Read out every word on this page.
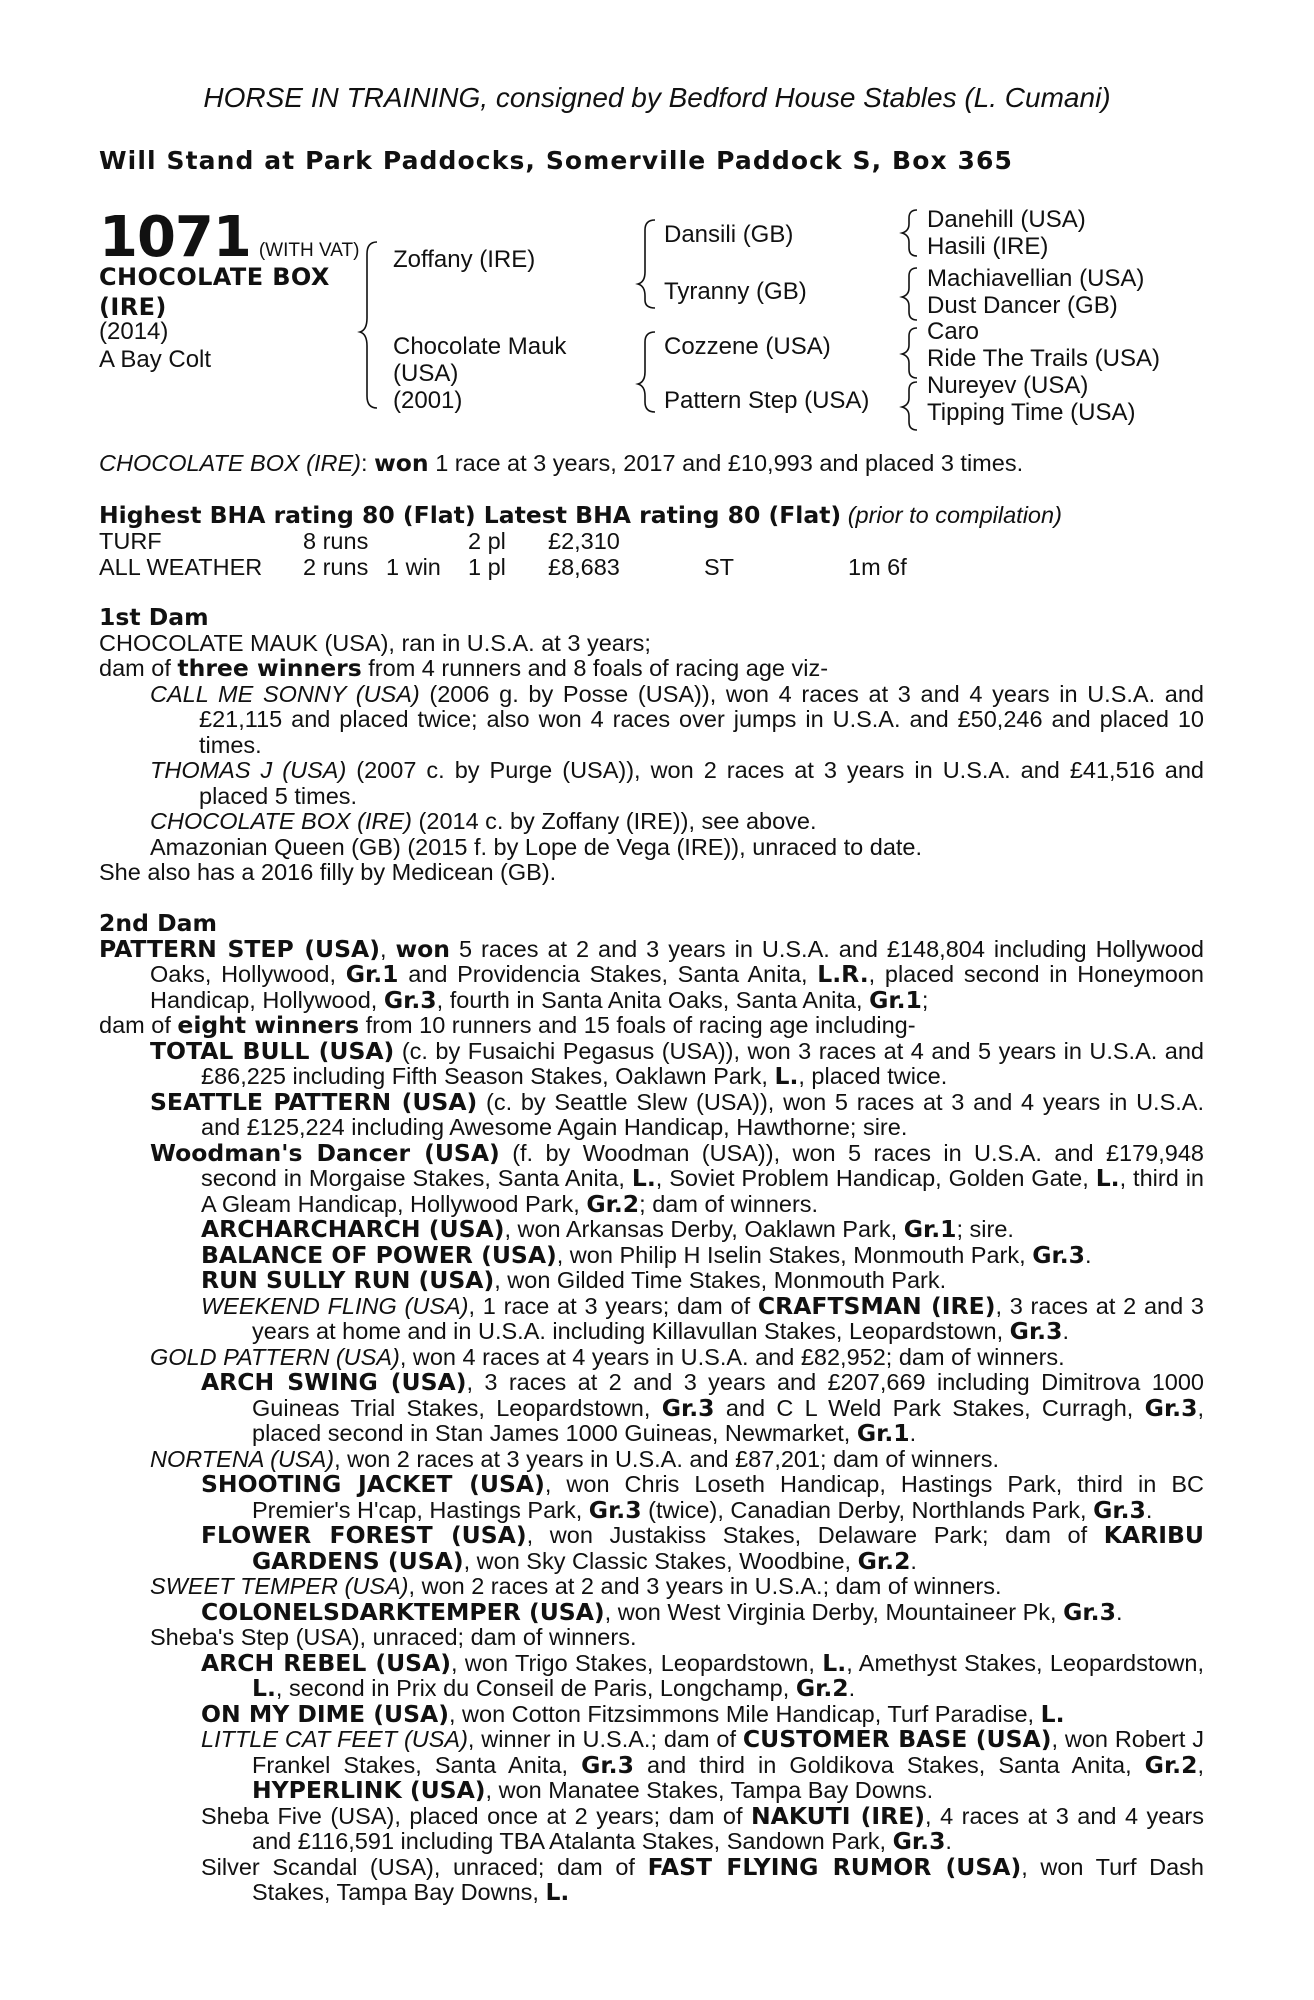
HORSE IN TRAINING, consigned by Bedford House Stables (L. Cumani)
Will Stand at Park Paddocks, Somerville Paddock S, Box 365
1071 (WITH VAT)
CHOCOLATE BOX
(IRE)
(2014)
A Bay Colt
Zoffany (IRE)
Chocolate Mauk
(USA)
(2001)
Dansili (GB)
Tyranny (GB)
Cozzene (USA)
Pattern Step (USA)
Danehill (USA)
Hasili (IRE)
Machiavellian (USA)
Dust Dancer (GB)
Caro
Ride The Trails (USA)
Nureyev (USA)
Tipping Time (USA)
CHOCOLATE BOX (IRE): won 1 race at 3 years, 2017 and £10,993 and placed 3 times.
Highest BHA rating 80 (Flat) Latest BHA rating 80 (Flat) (prior to compilation)
TURF	8 runs	2 pl £2,310
ALL WEATHER 2 runs 1 win 1 pl £8,683	ST	1m 6f
1st Dam
CHOCOLATE MAUK (USA), ran in U.S.A. at 3 years;
dam of three winners from 4 runners and 8 foals of racing age viz-
CALL ME SONNY (USA) (2006 g. by Posse (USA)), won 4 races at 3 and 4 years in U.S.A. and £21,115 and placed twice; also won 4 races over jumps in U.S.A. and £50,246 and placed 10 times.
THOMAS J (USA) (2007 c. by Purge (USA)), won 2 races at 3 years in U.S.A. and £41,516 and placed 5 times.
CHOCOLATE BOX (IRE) (2014 c. by Zoffany (IRE)), see above.
Amazonian Queen (GB) (2015 f. by Lope de Vega (IRE)), unraced to date.
She also has a 2016 filly by Medicean (GB).
2nd Dam
PATTERN STEP (USA), won 5 races at 2 and 3 years in U.S.A. and £148,804 including Hollywood Oaks, Hollywood, Gr.1 and Providencia Stakes, Santa Anita, L.R., placed second in Honeymoon Handicap, Hollywood, Gr.3, fourth in Santa Anita Oaks, Santa Anita, Gr.1;
dam of eight winners from 10 runners and 15 foals of racing age including-
TOTAL BULL (USA) (c. by Fusaichi Pegasus (USA)), won 3 races at 4 and 5 years in U.S.A. and £86,225 including Fifth Season Stakes, Oaklawn Park, L., placed twice.
SEATTLE PATTERN (USA) (c. by Seattle Slew (USA)), won 5 races at 3 and 4 years in U.S.A. and £125,224 including Awesome Again Handicap, Hawthorne; sire.
Woodman's Dancer (USA) (f. by Woodman (USA)), won 5 races in U.S.A. and £179,948 second in Morgaise Stakes, Santa Anita, L., Soviet Problem Handicap, Golden Gate, L., third in A Gleam Handicap, Hollywood Park, Gr.2; dam of winners.
ARCHARCHARCH (USA), won Arkansas Derby, Oaklawn Park, Gr.1; sire.
BALANCE OF POWER (USA), won Philip H Iselin Stakes, Monmouth Park, Gr.3.
RUN SULLY RUN (USA), won Gilded Time Stakes, Monmouth Park.
WEEKEND FLING (USA), 1 race at 3 years; dam of CRAFTSMAN (IRE), 3 races at 2 and 3 years at home and in U.S.A. including Killavullan Stakes, Leopardstown, Gr.3.
GOLD PATTERN (USA), won 4 races at 4 years in U.S.A. and £82,952; dam of winners.
ARCH SWING (USA), 3 races at 2 and 3 years and £207,669 including Dimitrova 1000 Guineas Trial Stakes, Leopardstown, Gr.3 and C L Weld Park Stakes, Curragh, Gr.3, placed second in Stan James 1000 Guineas, Newmarket, Gr.1.
NORTENA (USA), won 2 races at 3 years in U.S.A. and £87,201; dam of winners.
SHOOTING JACKET (USA), won Chris Loseth Handicap, Hastings Park, third in BC Premier's H'cap, Hastings Park, Gr.3 (twice), Canadian Derby, Northlands Park, Gr.3.
FLOWER FOREST (USA), won Justakiss Stakes, Delaware Park; dam of KARIBU GARDENS (USA), won Sky Classic Stakes, Woodbine, Gr.2.
SWEET TEMPER (USA), won 2 races at 2 and 3 years in U.S.A.; dam of winners.
COLONELSDARKTEMPER (USA), won West Virginia Derby, Mountaineer Pk, Gr.3.
Sheba's Step (USA), unraced; dam of winners.
ARCH REBEL (USA), won Trigo Stakes, Leopardstown, L., Amethyst Stakes, Leopardstown, L., second in Prix du Conseil de Paris, Longchamp, Gr.2.
ON MY DIME (USA), won Cotton Fitzsimmons Mile Handicap, Turf Paradise, L.
LITTLE CAT FEET (USA), winner in U.S.A.; dam of CUSTOMER BASE (USA), won Robert J Frankel Stakes, Santa Anita, Gr.3 and third in Goldikova Stakes, Santa Anita, Gr.2, HYPERLINK (USA), won Manatee Stakes, Tampa Bay Downs.
Sheba Five (USA), placed once at 2 years; dam of NAKUTI (IRE), 4 races at 3 and 4 years and £116,591 including TBA Atalanta Stakes, Sandown Park, Gr.3.
Silver Scandal (USA), unraced; dam of FAST FLYING RUMOR (USA), won Turf Dash Stakes, Tampa Bay Downs, L.
